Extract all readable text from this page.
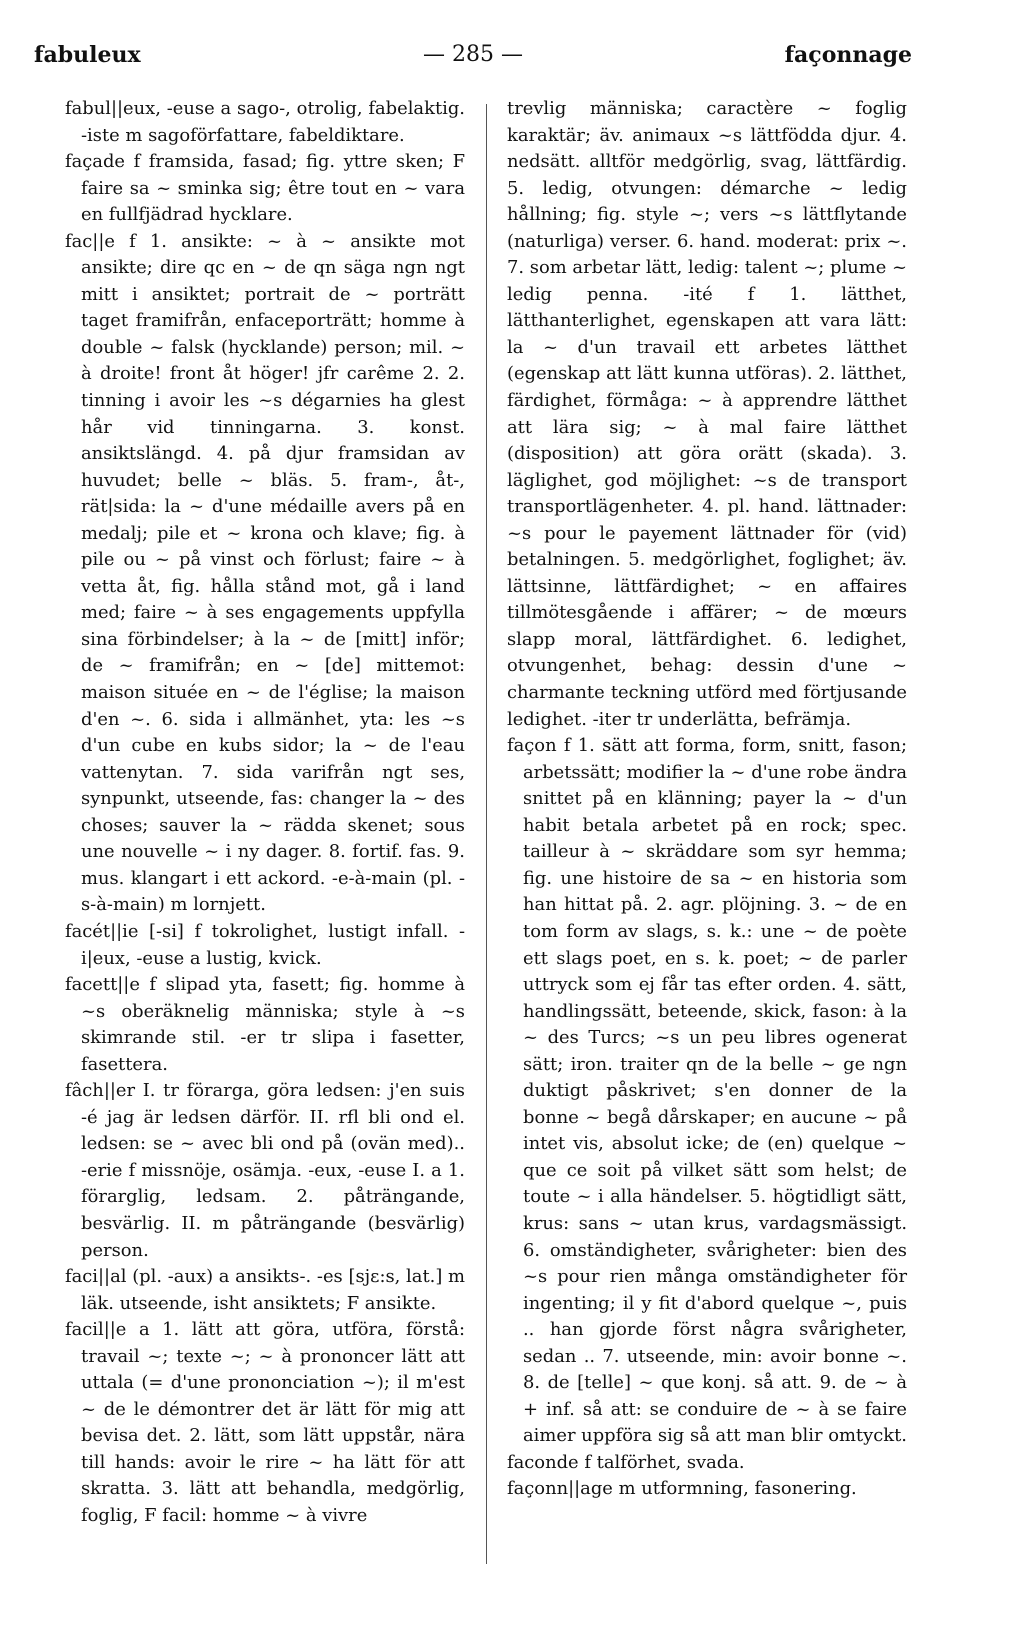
fabuleux	— 285 —	façonnage

fabul||eux, -euse a sago-, otrolig, fabelaktig. -iste m sagoförfattare, fabeldiktare.

façade f framsida, fasad; fig. yttre sken; F faire sa ~ sminka sig; être tout en ~ vara en fullfjädrad hycklare.

fac||e f 1. ansikte: ~ à ~ ansikte mot ansikte; dire qc en ~ de qn säga ngn ngt mitt i ansiktet; portrait de ~ porträtt taget framifrån, enfaceporträtt; homme à double ~ falsk (hycklande) person; mil. ~ à droite! front åt höger! jfr carême 2. 2. tinning i avoir les ~s dégarnies ha glest hår vid tinningarna. 3. konst. ansiktslängd. 4. på djur framsidan av huvudet; belle ~ bläs. 5. fram-, åt-, rät|sida: la ~ d'une médaille avers på en medalj; pile et ~ krona och klave; fig. à pile ou ~ på vinst och förlust; faire ~ à vetta åt, fig. hålla stånd mot, gå i land med; faire ~ à ses engagements uppfylla sina förbindelser; à la ~ de [mitt] inför; de ~ framifrån; en ~ [de] mittemot: maison située en ~ de l'église; la maison d'en ~. 6. sida i allmänhet, yta: les ~s d'un cube en kubs sidor; la ~ de l'eau vattenytan. 7. sida varifrån ngt ses, synpunkt, utseende, fas: changer la ~ des choses; sauver la ~ rädda skenet; sous une nouvelle ~ i ny dager. 8. fortif. fas. 9. mus. klangart i ett ackord. -e-à-main (pl. -s-à-main) m lornjett.

facét||ie [-si] f tokrolighet, lustigt infall. -i|eux, -euse a lustig, kvick.

facett||e f slipad yta, fasett; fig. homme à ~s oberäknelig människa; style à ~s skimrande stil. -er tr slipa i fasetter, fasettera.

fâch||er I. tr förarga, göra ledsen: j'en suis -é jag är ledsen därför. II. rfl bli ond el. ledsen: se ~ avec bli ond på (ovän med).. -erie f missnöje, osämja. -eux, -euse I. a 1. förarglig, ledsam. 2. påträngande, besvärlig. II. m påträngande (besvärlig) person.

faci||al (pl. -aux) a ansikts-. -es [sjɛ:s, lat.] m läk. utseende, isht ansiktets; F ansikte.

facil||e a 1. lätt att göra, utföra, förstå: travail ~; texte ~; ~ à prononcer lätt att uttala (= d'une prononciation ~); il m'est ~ de le démontrer det är lätt för mig att bevisa det. 2. lätt, som lätt uppstår, nära till hands: avoir le rire ~ ha lätt för att skratta. 3. lätt att behandla, medgörlig, foglig, F facil: homme ~ à vivre

trevlig människa; caractère ~ foglig karaktär; äv. animaux ~s lättfödda djur. 4. nedsätt. alltför medgörlig, svag, lättfärdig. 5. ledig, otvungen: démarche ~ ledig hållning; fig. style ~; vers ~s lättflytande (naturliga) verser. 6. hand. moderat: prix ~. 7. som arbetar lätt, ledig: talent ~; plume ~ ledig penna. -ité f 1. lätthet, lätthanterlighet, egenskapen att vara lätt: la ~ d'un travail ett arbetes lätthet (egenskap att lätt kunna utföras). 2. lätthet, färdighet, förmåga: ~ à apprendre lätthet att lära sig; ~ à mal faire lätthet (disposition) att göra orätt (skada). 3. läglighet, god möjlighet: ~s de transport transportlägenheter. 4. pl. hand. lättnader: ~s pour le payement lättnader för (vid) betalningen. 5. medgörlighet, foglighet; äv. lättsinne, lättfärdighet; ~ en affaires tillmötesgående i affärer; ~ de mœurs slapp moral, lättfärdighet. 6. ledighet, otvungenhet, behag: dessin d'une ~ charmante teckning utförd med förtjusande ledighet. -iter tr underlätta, befrämja.

façon f 1. sätt att forma, form, snitt, fason; arbetssätt; modifier la ~ d'une robe ändra snittet på en klänning; payer la ~ d'un habit betala arbetet på en rock; spec. tailleur à ~ skräddare som syr hemma; fig. une histoire de sa ~ en historia som han hittat på. 2. agr. plöjning. 3. ~ de en tom form av slags, s. k.: une ~ de poète ett slags poet, en s. k. poet; ~ de parler uttryck som ej får tas efter orden. 4. sätt, handlingssätt, beteende, skick, fason: à la ~ des Turcs; ~s un peu libres ogenerat sätt; iron. traiter qn de la belle ~ ge ngn duktigt påskrivet; s'en donner de la bonne ~ begå dårskaper; en aucune ~ på intet vis, absolut icke; de (en) quelque ~ que ce soit på vilket sätt som helst; de toute ~ i alla händelser. 5. högtidligt sätt, krus: sans ~ utan krus, vardagsmässigt. 6. omständigheter, svårigheter: bien des ~s pour rien många omständigheter för ingenting; il y fit d'abord quelque ~, puis .. han gjorde först några svårigheter, sedan .. 7. utseende, min: avoir bonne ~. 8. de [telle] ~ que konj. så att. 9. de ~ à + inf. så att: se conduire de ~ à se faire aimer uppföra sig så att man blir omtyckt.

faconde f talförhet, svada.

façonn||age m utformning, fasonering.
